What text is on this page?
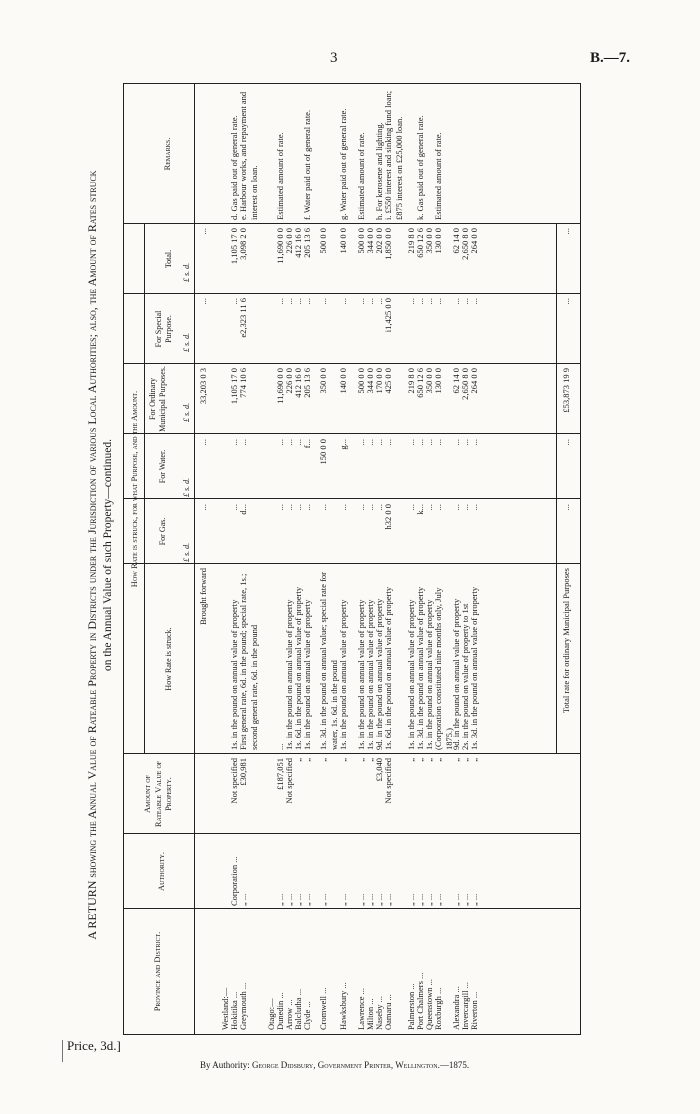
3	B.—7.
A RETURN showing the Annual Value of Rateable Property in Districts under the Jurisdiction of various Local Authorities; also, the Amount of Rates struck on the Annual Value of such Property—continued.
Province and District.
Authority.
Amount of Rateable Value of Property.
How Rate is struck, for what Purpose, and the Amount.
How Rate is struck.
For Gas.
For Water.
For Ordinary Municipal Purposes.
For Special Purpose.
Total.
Remarks.
£ s. d.
£ s. d.
£ s. d.
£ s. d.
£ s. d.
Brought forward
...
...
33,203 0 3
...
...
Westland:— Hokitika ...
Corporation ...
Not specified
1s. in the pound on annual value of property
...
...
1,105 17 0
...
1,105 17 0
d. Gas paid out of general rate.
Greymouth ...
„ ...
£30,981
First general rate, 6d. in the pound; special rate, 1s.; second general rate, 6d. in the pound
d...
...
774 10 6
e2,323 11 6
3,098 2 0
e. Harbour works, and repayment and interest on loan.
Otago:— Dunedin ...
„ ...
£187,051
...
...
...
11,690 0 0
...
11,690 0 0
Estimated amount of rate.
Arrow ...
„ ...
Not specified
1s. in the pound on annual value of property
...
...
226 0 0
...
226 0 0
Balclutha ...
„ ...
„
1s. 6d. in the pound on annual value of property
...
...
412 16 0
...
412 16 0
Clyde ...
„ ...
„
1s. in the pound on annual value of property
...
f...
205 13 6
...
205 13 6
f. Water paid out of general rate.
Cromwell ...
„ ...
„
1s. 3d. in the pound on annual value; special rate for water, 1s. 6d. in the pound
...
150 0 0
350 0 0
...
500 0 0
Hawksbury ...
„ ...
„
1s. in the pound on annual value of property
...
g...
140 0 0
...
140 0 0
g. Water paid out of general rate.
Lawrence ...
„ ...
„
1s. in the pound on annual value of property
...
...
500 0 0
...
500 0 0
Estimated amount of rate.
Milton ...
„ ...
„
1s. in the pound on annual value of property
...
...
344 0 0
...
344 0 0
Naseby ...
„ ...
£3,040
9d. in the pound on annual value of property
...
...
170 0 0
...
202 0 0
h. For kerosene and lighting.
Oamaru ...
„ ...
Not specified
1s. 6d. in the pound on annual value of property
h32 0 0
...
425 0 0
i1,425 0 0
1,850 0 0
i. £550 interest and sinking fund loan; £875 interest on £25,000 loan.
Palmerston ...
„ ...
„
1s. in the pound on annual value of property
...
...
219 8 0
...
219 8 0
Port Chalmers ...
„ ...
„
1s. 3d. in the pound on annual value of property
k...
...
650 12 6
...
650 12 6
k. Gas paid out of general rate.
Queenstown ...
„ ...
„
1s. in the pound on annual value of property
...
...
350 0 0
...
350 0 0
Roxburgh ...
„ ...
„
(Corporation constituted nine months only, July 1875.)
...
...
130 0 0
...
130 0 0
Estimated amount of rate.
Alexandra ...
„ ...
„
9d. in the pound on annual value of property
...
...
62 14 0
...
62 14 0
Invercargill ...
„ ...
„
2s. in the pound on value of property to 1st
...
...
2,650 8 0
...
2,650 8 0
Riverton ...
„ ...
„
1s. 3d. in the pound on annual value of property
...
...
264 0 0
...
264 0 0
Total rate for ordinary Municipal Purposes
...
...
£53,873 19 9
...
...
Price, 3d.]
By Authority: George Didsbury, Government Printer, Wellington.—1875.
